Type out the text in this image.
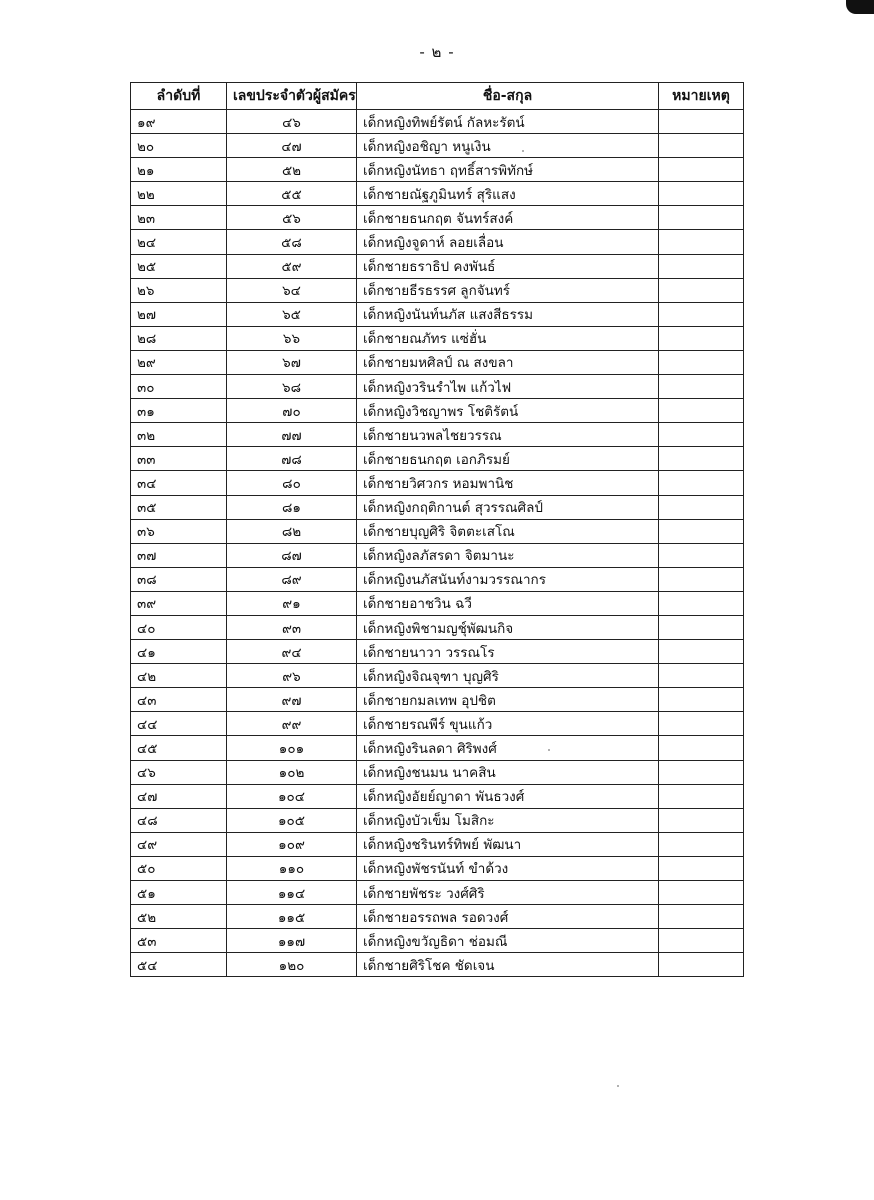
- ๒ -
ลำดับที่	เลขประจำตัวผู้สมัคร	ชื่อ-สกุล	หมายเหตุ
๑๙	๔๖	เด็กหญิงทิพย์รัตน์ กัลหะรัตน์	
๒๐	๔๗	เด็กหญิงอชิญา หนูเงิน	
๒๑	๕๒	เด็กหญิงนัทธา ฤทธิ์สารพิทักษ์	
๒๒	๕๕	เด็กชายณัฐภูมินทร์ สุริแสง	
๒๓	๕๖	เด็กชายธนกฤต จันทร์สงค์	
๒๔	๕๘	เด็กหญิงจูดาห์ ลอยเลื่อน	
๒๕	๕๙	เด็กชายธราธิป คงพันธ์	
๒๖	๖๔	เด็กชายธีรธรรศ ลูกจันทร์	
๒๗	๖๕	เด็กหญิงนันท์นภัส แสงสีธรรม	
๒๘	๖๖	เด็กชายณภัทร แซ่ฮั่น	
๒๙	๖๗	เด็กชายมหศิลป์ ณ สงขลา	
๓๐	๖๘	เด็กหญิงวรินรำไพ แก้วไฟ	
๓๑	๗๐	เด็กหญิงวิชญาพร โชติรัตน์	
๓๒	๗๗	เด็กชายนวพลไชยวรรณ	
๓๓	๗๘	เด็กชายธนกฤต เอกภิรมย์	
๓๔	๘๐	เด็กชายวิศวกร หอมพานิช	
๓๕	๘๑	เด็กหญิงกฤติกานต์ สุวรรณศิลป์	
๓๖	๘๒	เด็กชายบุญศิริ จิตตะเสโณ	
๓๗	๘๗	เด็กหญิงลภัสรดา จิตมานะ	
๓๘	๘๙	เด็กหญิงนภัสนันท์งามวรรณากร	
๓๙	๙๑	เด็กชายอาชวิน ฉวี	
๔๐	๙๓	เด็กหญิงพิชามญชุ์พัฒนกิจ	
๔๑	๙๔	เด็กชายนาวา วรรณโร	
๔๒	๙๖	เด็กหญิงจิณจุฑา บุญศิริ	
๔๓	๙๗	เด็กชายกมลเทพ อุปชิต	
๔๔	๙๙	เด็กชายรณพีร์ ขุนแก้ว	
๔๕	๑๐๑	เด็กหญิงรินลดา ศิริพงศ์	
๔๖	๑๐๒	เด็กหญิงชนมน นาคสิน	
๔๗	๑๐๔	เด็กหญิงอัยย์ญาดา พันธวงศ์	
๔๘	๑๐๕	เด็กหญิงบัวเข็ม โมสิกะ	
๔๙	๑๐๙	เด็กหญิงชรินทร์ทิพย์ พัฒนา	
๕๐	๑๑๐	เด็กหญิงพัชรนันท์ ขำด้วง	
๕๑	๑๑๔	เด็กชายพัชระ วงศ์ศิริ	
๕๒	๑๑๕	เด็กชายอรรถพล รอดวงศ์	
๕๓	๑๑๗	เด็กหญิงขวัญธิดา ช่อมณี	
๕๔	๑๒๐	เด็กชายศิริโชค ชัดเจน	
